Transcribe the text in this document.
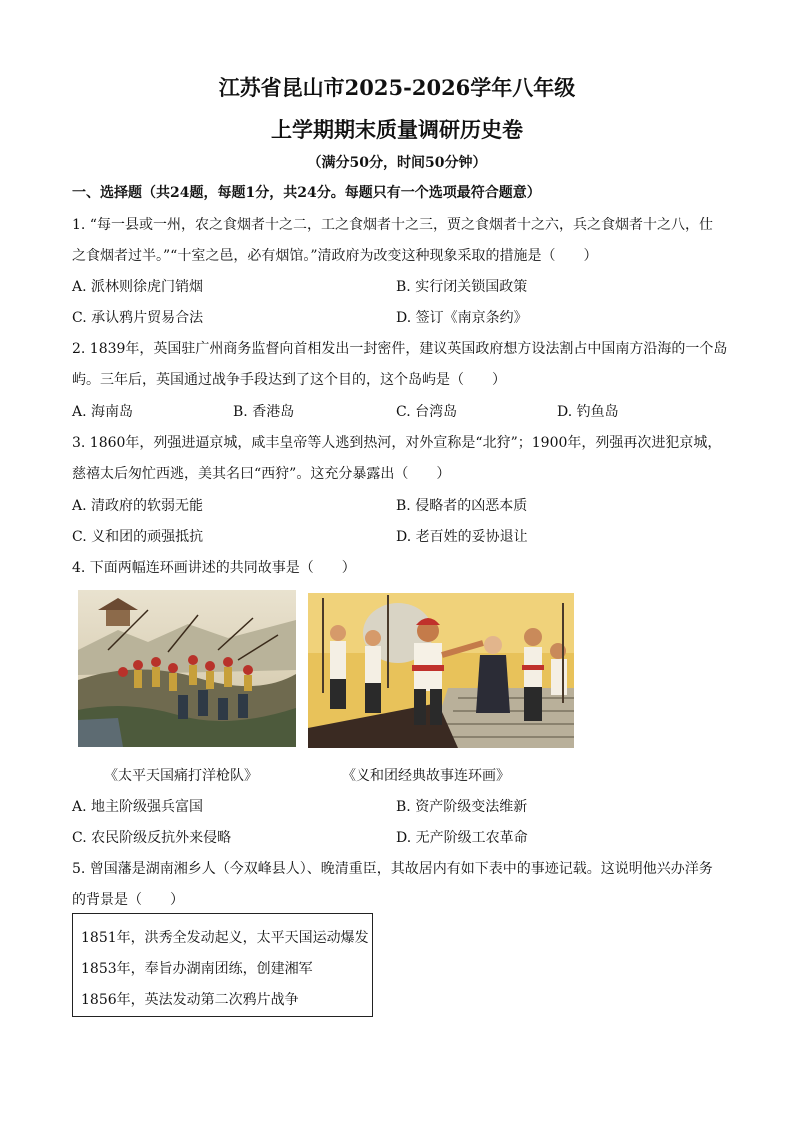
江苏省昆山市2025-2026学年八年级
上学期期末质量调研历史卷
（满分50分，时间50分钟）
一、选择题（共24题，每题1分，共24分。每题只有一个选项最符合题意）
1. “每一县或一州，农之食烟者十之二，工之食烟者十之三，贾之食烟者十之六，兵之食烟者十之八，仕
之食烟者过半。”“十室之邑，必有烟馆。”清政府为改变这种现象采取的措施是（　　）
A. 派林则徐虎门销烟	B. 实行闭关锁国政策
C. 承认鸦片贸易合法	D. 签订《南京条约》
2. 1839年，英国驻广州商务监督向首相发出一封密件，建议英国政府想方设法割占中国南方沿海的一个岛
屿。三年后，英国通过战争手段达到了这个目的，这个岛屿是（　　）
A. 海南岛	B. 香港岛	C. 台湾岛	D. 钓鱼岛
3. 1860年，列强进逼京城，咸丰皇帝等人逃到热河，对外宣称是“北狩”；1900年，列强再次进犯京城，
慈禧太后匆忙西逃，美其名曰“西狩”。这充分暴露出（　　）
A. 清政府的软弱无能	B. 侵略者的凶恶本质
C. 义和团的顽强抵抗	D. 老百姓的妥协退让
4. 下面两幅连环画讲述的共同故事是（　　）
《太平天国痛打洋枪队》	《义和团经典故事连环画》
A. 地主阶级强兵富国	B. 资产阶级变法维新
C. 农民阶级反抗外来侵略	D. 无产阶级工农革命
5. 曾国藩是湖南湘乡人（今双峰县人）、晚清重臣，其故居内有如下表中的事迹记载。这说明他兴办洋务
的背景是（　　）
1851年，洪秀全发动起义，太平天国运动爆发
1853年，奉旨办湖南团练，创建湘军
1856年，英法发动第二次鸦片战争
